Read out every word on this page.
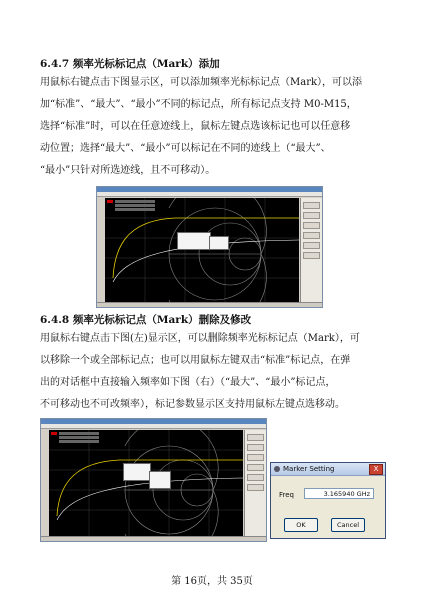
6.4.7 频率光标标记点（Mark）添加
用鼠标右键点击下图显示区，可以添加频率光标标记点（Mark），可以添
加“标准”、“最大”、“最小”不同的标记点，所有标记点支持 M0-M15，
选择“标准”时，可以在任意迹线上，鼠标左键点选该标记也可以任意移
动位置；选择“最大”、“最小”可以标记在不同的迹线上（“最大”、
“最小”只针对所选迹线，且不可移动）。

6.4.8 频率光标标记点（Mark）删除及修改
用鼠标右键点击下图(左)显示区，可以删除频率光标标记点（Mark），可
以移除一个或全部标记点；也可以用鼠标左键双击“标准”标记点，在弹
出的对话框中直接输入频率如下图（右）（“最大”、“最小”标记点，
不可移动也不可改频率），标记参数显示区支持用鼠标左键点选移动。

Marker Setting	X
Freq	3.165940 GHz
OK	Cancel
第 16页，共 35页
